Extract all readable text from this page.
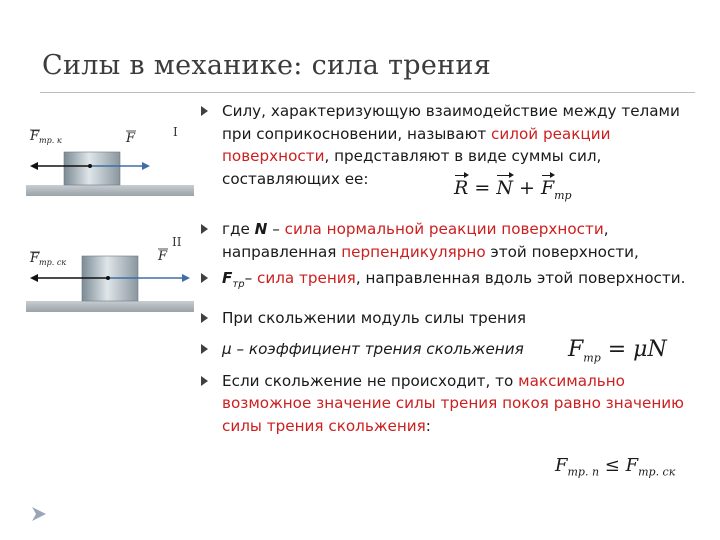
Силы в механике: сила трения
$F_{тр. к}$	F	I
$F_{тр. ск}$	F
II
Силу, характеризующую взаимодействие между телами при соприкосновении, называют силой реакции поверхности, представляют в виде суммы сил, составляющих ее:
где N – сила нормальной реакции поверхности, направленная перпендикулярно этой поверхности,
$F_{тр}-$ сила трения, направленная вдоль этой поверхности.
При скольжении модуль силы трения
μ – коэффициент трения скольжения
Если скольжение не происходит, то максимально возможное значение силы трения покоя равно значению силы трения скольжения:
$R = N + F_{тр}$
$F_{тр} = \mu N$
$F_{тр. п} \le F_{тр. ск}$
